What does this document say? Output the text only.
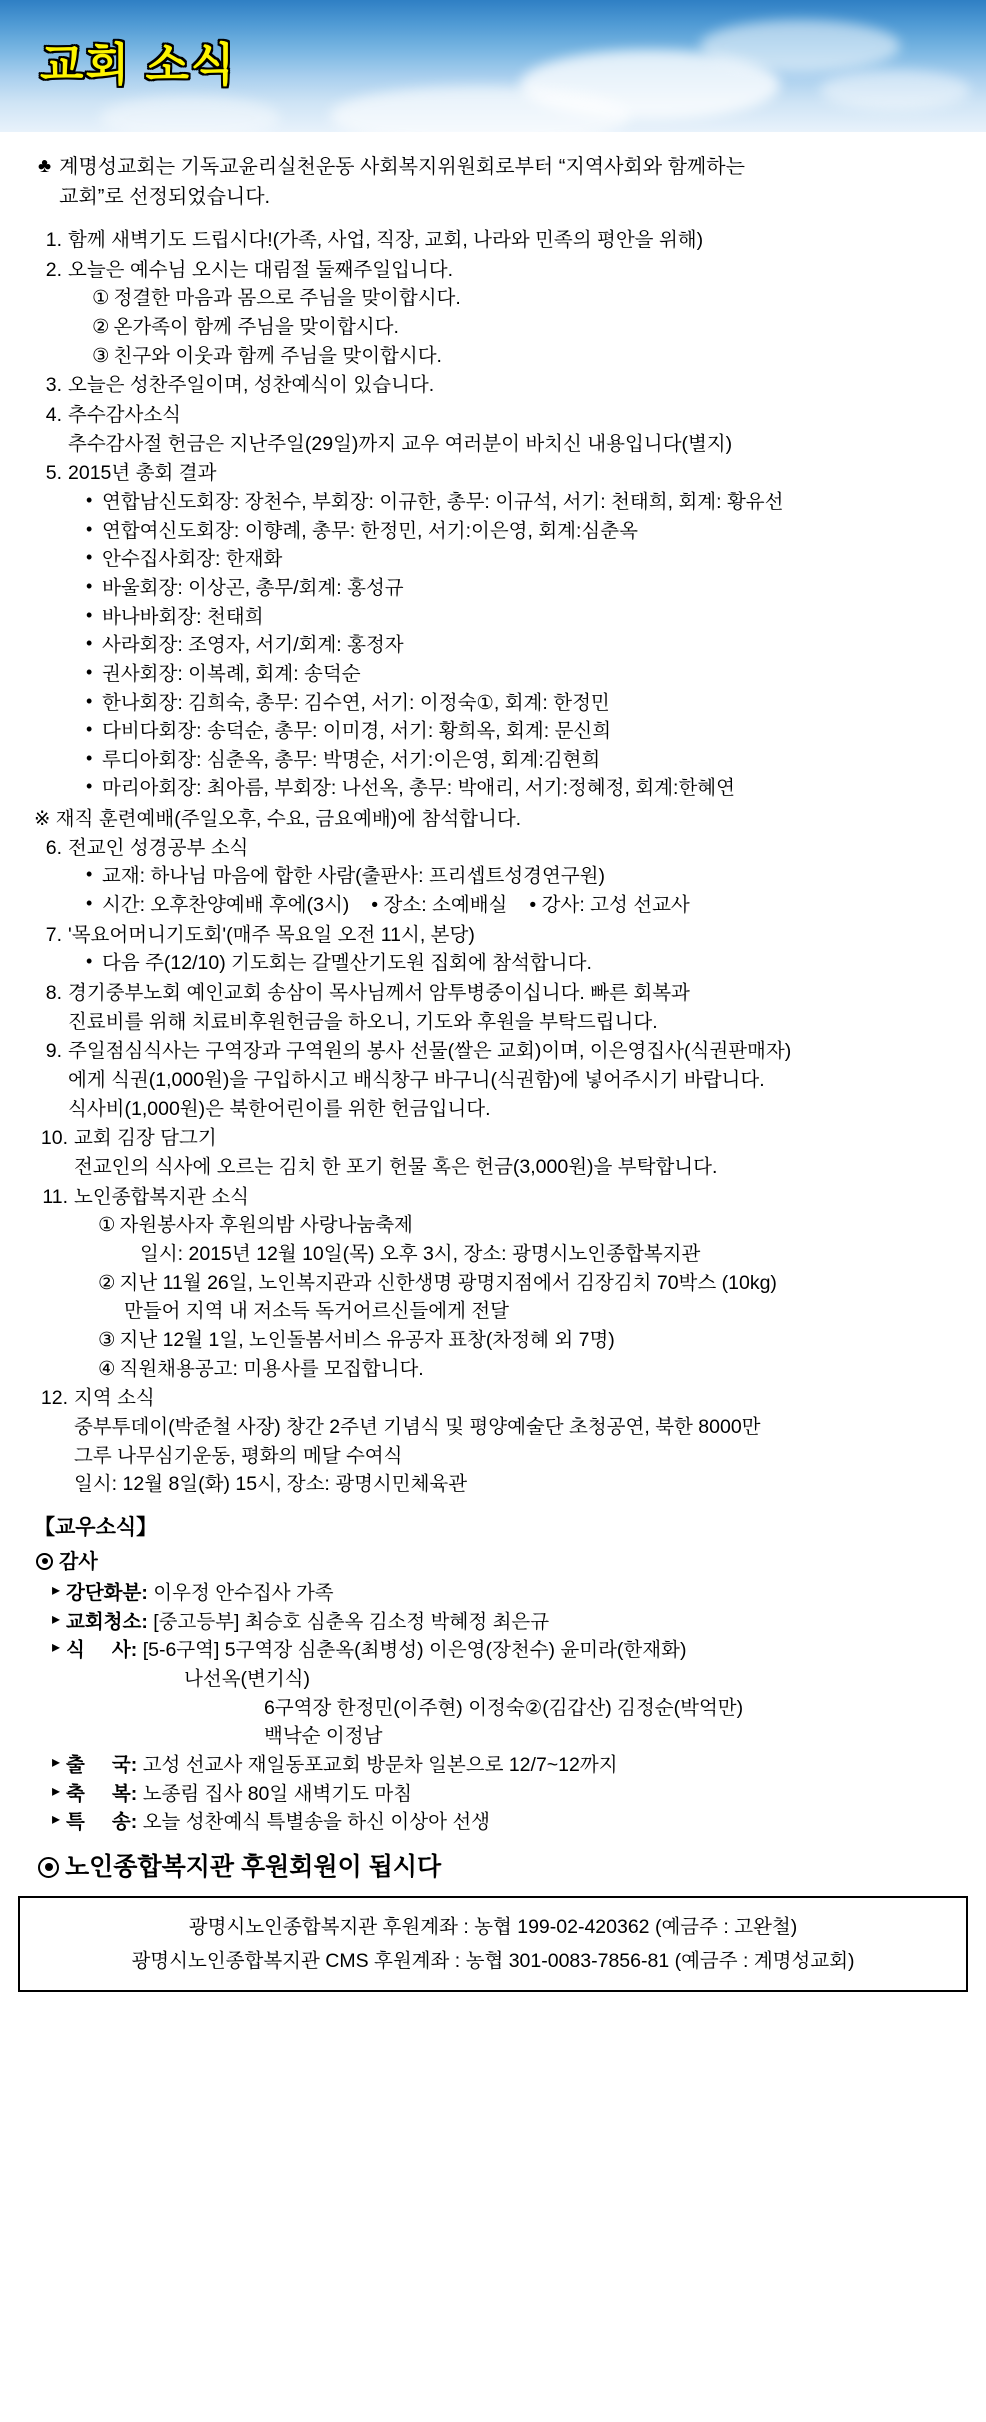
교회 소식
♣ 계명성교회는 기독교윤리실천운동 사회복지위원회로부터 “지역사회와 함께하는
교회”로 선정되었습니다.
1. 함께 새벽기도 드립시다!(가족, 사업, 직장, 교회, 나라와 민족의 평안을 위해)
2. 오늘은 예수님 오시는 대림절 둘째주일입니다.
① 정결한 마음과 몸으로 주님을 맞이합시다.
② 온가족이 함께 주님을 맞이합시다.
③ 친구와 이웃과 함께 주님을 맞이합시다.
3. 오늘은 성찬주일이며, 성찬예식이 있습니다.
4. 추수감사소식
추수감사절 헌금은 지난주일(29일)까지 교우 여러분이 바치신 내용입니다(별지)
5. 2015년 총회 결과
• 연합남신도회장: 장천수, 부회장: 이규한, 총무: 이규석, 서기: 천태희, 회계: 황유선
• 연합여신도회장: 이향례, 총무: 한정민, 서기:이은영, 회계:심춘옥
• 안수집사회장: 한재화
• 바울회장: 이상곤, 총무/회계: 홍성규
• 바나바회장: 천태희
• 사라회장: 조영자, 서기/회계: 홍정자
• 권사회장: 이복례, 회계: 송덕순
• 한나회장: 김희숙, 총무: 김수연, 서기: 이정숙①, 회계: 한정민
• 다비다회장: 송덕순, 총무: 이미경, 서기: 황희옥, 회계: 문신희
• 루디아회장: 심춘옥, 총무: 박명순, 서기:이은영, 회계:김현희
• 마리아회장: 최아름, 부회장: 나선옥, 총무: 박애리, 서기:정혜정, 회계:한혜연
※ 재직 훈련예배(주일오후, 수요, 금요예배)에 참석합니다.
6. 전교인 성경공부 소식
• 교재: 하나님 마음에 합한 사람(출판사: 프리셉트성경연구원)
• 시간: 오후찬양예배 후에(3시) • 장소: 소예배실 • 강사: 고성 선교사
7. '목요어머니기도회'(매주 목요일 오전 11시, 본당)
• 다음 주(12/10) 기도회는 갈멜산기도원 집회에 참석합니다.
8. 경기중부노회 예인교회 송삼이 목사님께서 암투병중이십니다. 빠른 회복과
진료비를 위해 치료비후원헌금을 하오니, 기도와 후원을 부탁드립니다.
9. 주일점심식사는 구역장과 구역원의 봉사 선물(쌀은 교회)이며, 이은영집사(식권판매자)
에게 식권(1,000원)을 구입하시고 배식창구 바구니(식권함)에 넣어주시기 바랍니다.
식사비(1,000원)은 북한어린이를 위한 헌금입니다.
10. 교회 김장 담그기
전교인의 식사에 오르는 김치 한 포기 헌물 혹은 헌금(3,000원)을 부탁합니다.
11. 노인종합복지관 소식
① 자원봉사자 후원의밤 사랑나눔축제
일시: 2015년 12월 10일(목) 오후 3시, 장소: 광명시노인종합복지관
② 지난 11월 26일, 노인복지관과 신한생명 광명지점에서 김장김치 70박스 (10kg)
만들어 지역 내 저소득 독거어르신들에게 전달
③ 지난 12월 1일, 노인돌봄서비스 유공자 표창(차정혜 외 7명)
④ 직원채용공고: 미용사를 모집합니다.
12. 지역 소식
중부투데이(박준철 사장) 창간 2주년 기념식 및 평양예술단 초청공연, 북한 8000만
그루 나무심기운동, 평화의 메달 수여식
일시: 12월 8일(화) 15시, 장소: 광명시민체육관
【교우소식】
감사
▸ 강단화분: 이우정 안수집사 가족
▸ 교회청소: [중고등부] 최승호 심춘옥 김소정 박혜정 최은규
▸ 식     사: [5-6구역] 5구역장 심춘옥(최병성) 이은영(장천수) 윤미라(한재화)
나선옥(변기식)
6구역장 한정민(이주현) 이정숙②(김갑산) 김정순(박억만)
백낙순 이정남
▸ 출     국: 고성 선교사 재일동포교회 방문차 일본으로 12/7~12까지
▸ 축     복: 노종림 집사 80일 새벽기도 마침
▸ 특     송: 오늘 성찬예식 특별송을 하신 이상아 선생
노인종합복지관 후원회원이 됩시다
광명시노인종합복지관 후원계좌 : 농협 199-02-420362 (예금주 : 고완철)
광명시노인종합복지관 CMS 후원계좌 : 농협 301-0083-7856-81 (예금주 : 계명성교회)
